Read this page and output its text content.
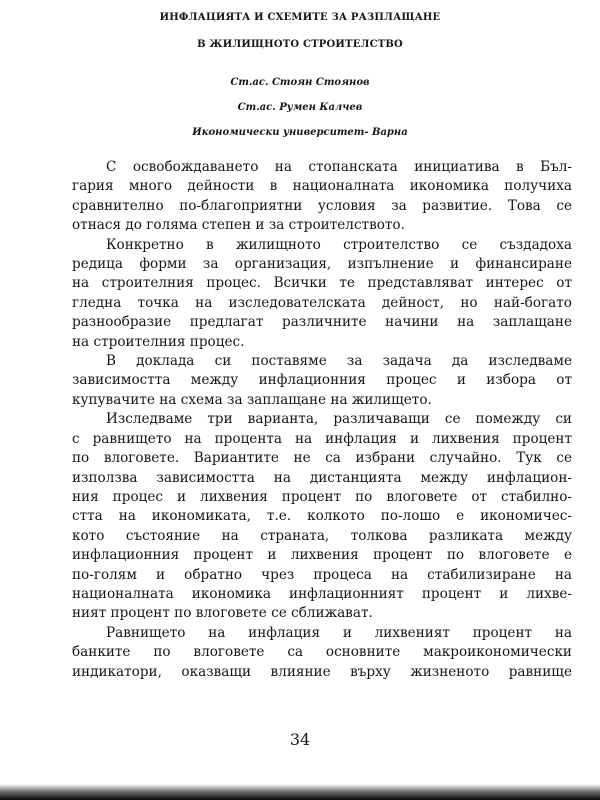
ИНФЛАЦИЯТА И СХЕМИТЕ ЗА РАЗПЛАЩАНЕ
В ЖИЛИЩНОТО СТРОИТЕЛСТВО
Ст.ас. Стоян Стоянов
Ст.ас. Румен Калчев
Икономически университет- Варна
С освобождаването на стопанската инициатива в Бъл-
гария много дейности в националната икономика получиха
сравнително по-благоприятни условия за развитие. Това се
отнася до голяма степен и за строителството.
Конкретно в жилищното строителство се създадоха
редица форми за организация, изпълнение и финансиране
на строителния процес. Всички те представляват интерес от
гледна точка на изследователската дейност, но най-богато
разнообразие предлагат различните начини на заплащане
на строителния процес.
В доклада си поставяме за задача да изследваме
зависимостта между инфлационния процес и избора от
купувачите на схема за заплащане на жилището.
Изследваме три варианта, различаващи се помежду си
с равнището на процента на инфлация и лихвения процент
по влоговете. Вариантите не са избрани случайно. Тук се
използва зависимостта на дистанцията между инфлацион-
ния процес и лихвения процент по влоговете от стабилно-
стта на икономиката, т.е. колкото по-лошо е икономичес-
кото състояние на страната, толкова разликата между
инфлационния процент и лихвения процент по влоговете е
по-голям и обратно чрез процеса на стабилизиране на
националната икономика инфлационният процент и лихве-
ният процент по влоговете се сближават.
Равнището на инфлация и лихвеният процент на
банките по влоговете са основните макроикономически
индикатори, оказващи влияние върху жизненото равнище
34
